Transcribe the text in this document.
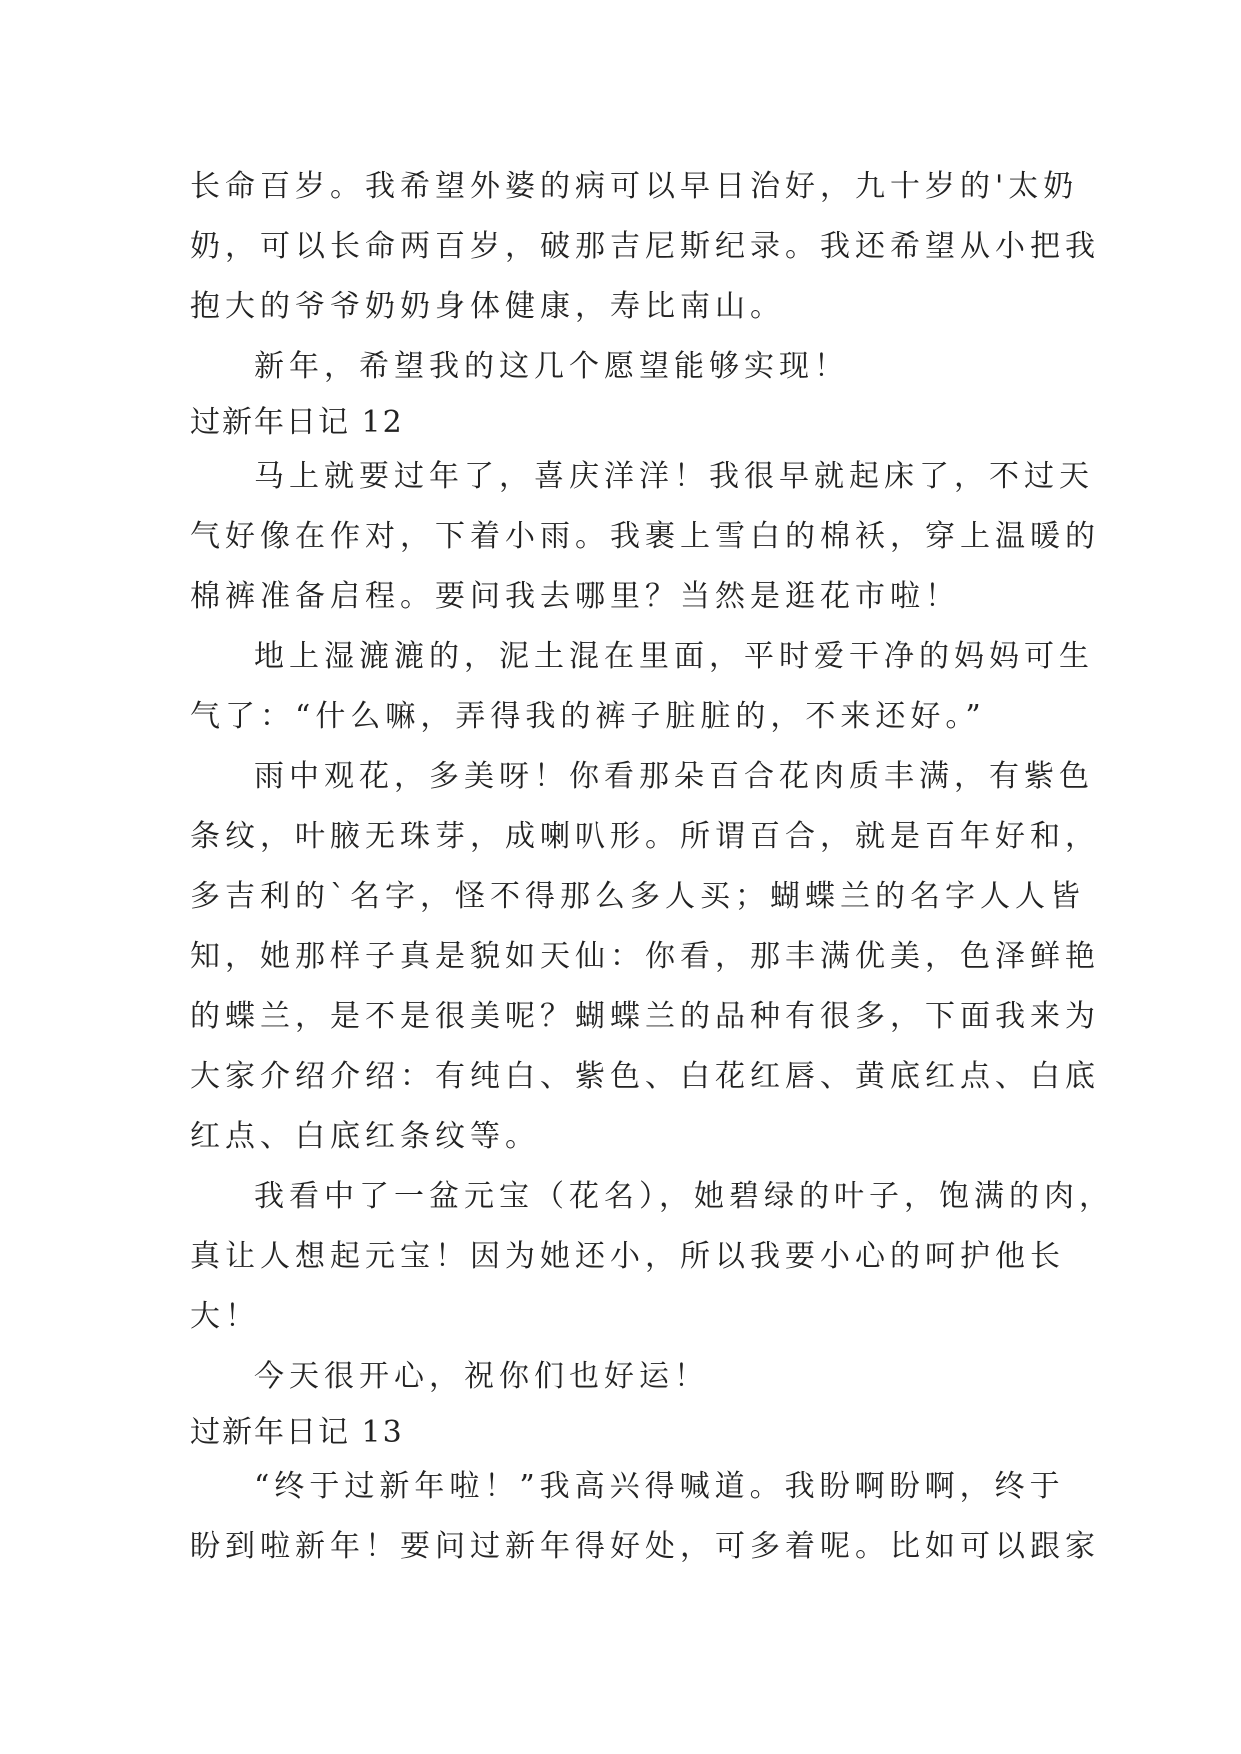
长命百岁。我希望外婆的病可以早日治好，九十岁的'太奶

奶，可以长命两百岁，破那吉尼斯纪录。我还希望从小把我

抱大的爷爷奶奶身体健康，寿比南山。

新年，希望我的这几个愿望能够实现！

过新年日记 12

马上就要过年了，喜庆洋洋！我很早就起床了，不过天

气好像在作对，下着小雨。我裹上雪白的棉袄，穿上温暖的

棉裤准备启程。要问我去哪里？当然是逛花市啦！

地上湿漉漉的，泥土混在里面，平时爱干净的妈妈可生

气了：“什么嘛，弄得我的裤子脏脏的，不来还好。”

雨中观花，多美呀！你看那朵百合花肉质丰满，有紫色

条纹，叶腋无珠芽，成喇叭形。所谓百合，就是百年好和，

多吉利的`名字，怪不得那么多人买；蝴蝶兰的名字人人皆

知，她那样子真是貌如天仙：你看，那丰满优美，色泽鲜艳

的蝶兰，是不是很美呢？蝴蝶兰的品种有很多，下面我来为

大家介绍介绍：有纯白、紫色、白花红唇、黄底红点、白底

红点、白底红条纹等。

我看中了一盆元宝（花名），她碧绿的叶子，饱满的肉，

真让人想起元宝！因为她还小，所以我要小心的呵护他长

大！

今天很开心，祝你们也好运！

过新年日记 13

“终于过新年啦！”我高兴得喊道。我盼啊盼啊，终于

盼到啦新年！要问过新年得好处，可多着呢。比如可以跟家
